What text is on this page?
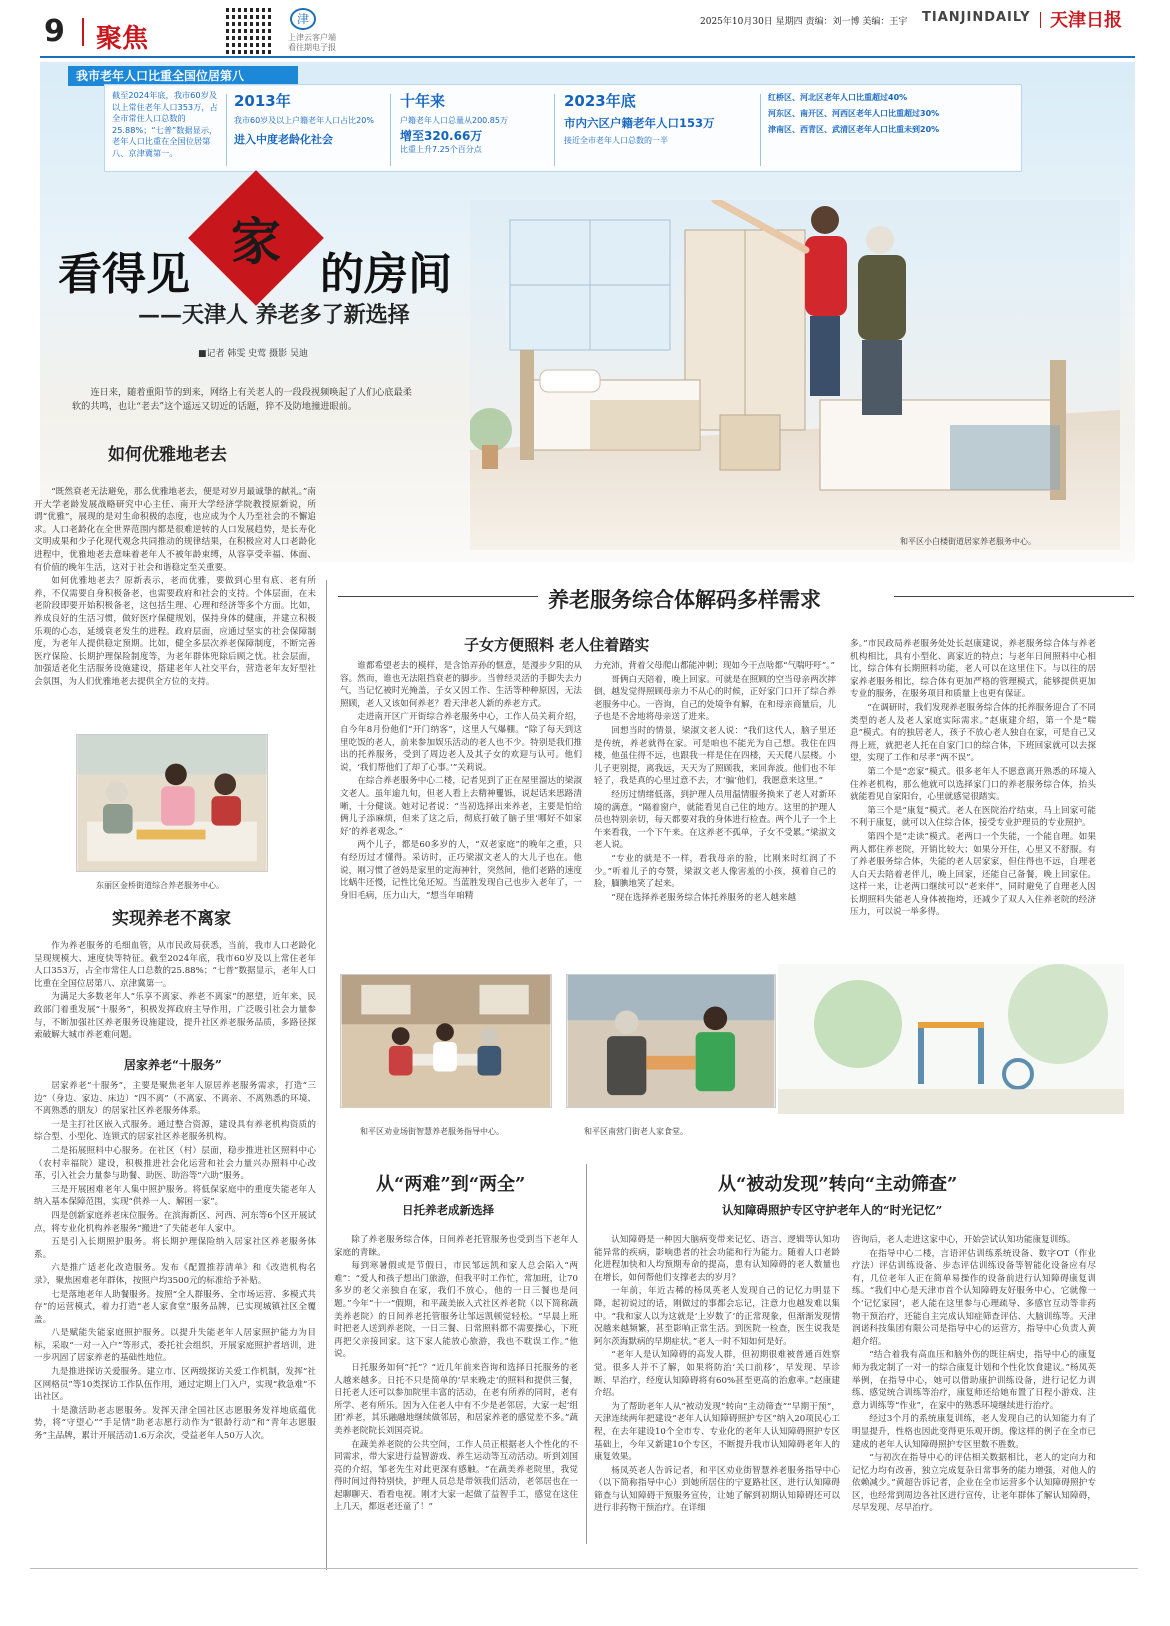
9 聚焦
津
上津云客户端
看往期电子报
2025年10月30日 星期四 责编：刘一博 美编：王宇 TIANJINDAILY 天津日报
我市老年人口比重全国位居第八
截至2024年底，我市60岁及以上常住老年人口353万，占全市常住人口总数的25.88%；“七普”数据显示，老年人口比重在全国位居第八、京津冀第一。
2013年
我市60岁及以上户籍老年人口占比20%
进入中度老龄化社会
十年来
户籍老年人口总量从200.85万
增至320.66万
比重上升7.25个百分点
2023年底
市内六区户籍老年人口153万
接近全市老年人口总数的一半
红桥区、河北区老年人口比重超过40%
河东区、南开区、河西区老年人口比重超过30%
津南区、西青区、武清区老年人口比重未到20%
看得见
家
的房间
——天津人 养老多了新选择
■记者 韩雯 史莺 摄影 吴迪
连日来，随着重阳节的到来，网络上有关老人的一段段视频唤起了人们心底最柔软的共鸣，也让“老去”这个遥远又切近的话题，猝不及防地撞进眼前。
和平区小白楼街道居家养老服务中心。
如何优雅地老去

“既然衰老无法避免，那么优雅地老去，便是对岁月最诚挚的献礼。”南开大学老龄发展战略研究中心主任、南开大学经济学院教授原新说，所谓“优雅”，展现的是对生命积极的态度，也应成为个人乃至社会的不懈追求。人口老龄化在全世界范围内都是很难逆转的人口发展趋势，是长寿化文明成果和少子化现代观念共同推动的规律结果，在积极应对人口老龄化进程中，优雅地老去意味着老年人不被年龄束缚，从容享受幸福、体面、有价值的晚年生活，这对于社会和谐稳定至关重要。

如何优雅地老去？原新表示，老而优雅，要做到心里有底、老有所养，不仅需要自身积极备老，也需要政府和社会的支持。个体层面，在未老阶段即要开始积极备老，这包括生理、心理和经济等多个方面。比如，养成良好的生活习惯，做好医疗保健规划，保持身体的健康，并建立积极乐观的心态，延缓衰老发生的进程。政府层面，应通过坚实的社会保障制度，为老年人提供稳定预期。比如，健全多层次养老保障制度，不断完善医疗保险、长期护理保险制度等，为老年群体兜除后顾之忧。社会层面，加强适老化生活服务设施建设，搭建老年人社交平台，营造老年友好型社会氛围，为人们优雅地老去提供全方位的支持。

东丽区金桥街道综合养老服务中心。
实现养老不离家

作为养老服务的毛细血管，从市民政局获悉，当前，我市人口老龄化呈现规模大、速度快等特征。截至2024年底，我市60岁及以上常住老年人口353万，占全市常住人口总数的25.88%；“七普”数据显示，老年人口比重在全国位居第八、京津冀第一。

为满足大多数老年人“乐享不离家、养老不离家”的愿望，近年来，民政部门着重发展“十服务”，积极发挥政府主导作用，广泛吸引社会力量参与，不断加强社区养老服务设施建设，提升社区养老服务品质，多路径探索破解大城市养老难问题。

居家养老“十服务”

居家养老“十服务”，主要是聚焦老年人原居养老服务需求，打造“三边”（身边、家边、床边）“四不离”（不离家、不离亲、不离熟悉的环境、不离熟悉的朋友）的居家社区养老服务体系。

一是主打社区嵌入式服务。通过整合资源，建设具有养老机构资质的综合型、小型化、连锁式的居家社区养老服务机构。

二是拓展照料中心服务。在社区（村）层面，稳步推进社区照料中心（农村幸福院）建设，积极推进社会化运营和社会力量兴办照料中心改革，引入社会力量参与助餐、助医、助浴等“六助”服务。

三是开展困难老年人集中照护服务。将低保家庭中的重度失能老年人纳入基本保障范围，实现“供养一人、解困一家”。

四是创新家庭养老床位服务。在滨海新区、河西、河东等6个区开展试点，将专业化机构养老服务“搬进”了失能老年人家中。

五是引入长期照护服务。将长期护理保险纳入居家社区养老服务体系。

六是推广适老化改造服务。发布《配置推荐清单》和《改造机构名录》，聚焦困难老年群体，按照户均3500元的标准给予补贴。

七是落地老年人助餐服务。按照“全人群服务、全市场运营、多模式共存”的运营模式，着力打造“老人家食堂”服务品牌，已实现城镇社区全覆盖。

八是赋能失能家庭照护服务。以提升失能老年人居家照护能力为目标，采取“一对一入户”等形式，委托社会组织，开展家庭照护者培训，进一步巩固了居家养老的基础性地位。

九是推进探访关爱服务。建立市、区两级探访关爱工作机制，发挥“社区网格员”等10类探访工作队伍作用，通过定期上门入户，实现“救急难”不出社区。

十是激活助老志愿服务。发挥天津全国社区志愿服务发祥地底蕴优势，将“守望心”“手足情”助老志愿行动作为“银龄行动”和“青年志愿服务”主品牌，累计开展活动1.6万余次，受益老年人50万人次。

养老服务综合体解码多样需求
子女方便照料 老人住着踏实

谁都希望老去的模样，是含饴弄孙的惬意，是漫步夕阳的从容。然而，谁也无法阻挡衰老的脚步。当曾经灵活的手脚失去力气，当记忆被时光掩盖，子女又因工作、生活等种种原因，无法照顾，老人又该如何养老？看天津老人新的养老方式。

走进南开区广开街综合养老服务中心，工作人员关莉介绍，自今年8月份他们“开门纳客”，这里人气爆棚。“除了每天到这里吃饭的老人，前来参加娱乐活动的老人也不少。特别是我们推出的托养服务，受到了周边老人及其子女的欢迎与认可。他们说，‘我们帮他们了却了心事。’”关莉说。

在综合养老服务中心二楼，记者见到了正在屋里溜达的梁淑文老人。虽年逾九旬，但老人看上去精神矍铄，说起话来思路清晰，十分健谈。她对记者说：“当初选择出来养老，主要是怕给俩儿子添麻烦，但来了这之后，彻底打破了脑子里‘哪好不如家好’的养老观念。”

两个儿子，都是60多岁的人，“双老家庭”的晚年之重，只有经历过才懂得。采访时，正巧梁淑文老人的大儿子也在。他说，刚习惯了爸妈是家里的定海神针，突然间，他们老路的速度比蜗牛还慢，记性比兔还短。当蓝胜发现自己也步入老年了，一身旧毛病，压力山大，“想当年咱精

力充沛，背着父母爬山都能冲刺；现如今干点啥都“气喘吁吁”。”

哥俩白天陪着，晚上回家。可就是在照顾的空当母亲两次摔倒，越发觉得照顾母亲力不从心的时候，正好家门口开了综合养老服务中心。一咨询，自己的处境争有解，在和母亲商量后，儿子也是不舍地将母亲送了进来。

回想当时的情景，梁淑文老人说：“我们这代人，脑子里还是传统，养老就得在家。可是咱也不能光为自己想。我住在四楼，他虽住得不远，也跟我一样是住在四楼，天天爬八层楼。小儿子更别提，离我远，天天为了照顾我，来回奔波。他们也不年轻了，我是真的心里过意不去，才‘骗’他们，我愿意来这里。”

经历过情绪低落，到护理人员用温情服务换来了老人对新环境的满意。“隔着窗户，就能看见自己住的地方。这里的护理人员也特别亲切，每天都要对我的身体进行检查。两个儿子一个上午来看我，一个下午来。在这养老不孤单，子女不受累。”梁淑文老人说。

“专业的就是不一样，看我母亲的脸，比刚来时红润了不少。”听着儿子的夸赞，梁淑文老人像害羞的小孩，摸着自己的脸，腼腆地笑了起来。

“现在选择养老服务综合体托养服务的老人越来越

多。”市民政局养老服务处处长赵康建说，养老服务综合体与养老机构相比，具有小型化、离家近的特点；与老年日间照料中心相比，综合体有长期照料功能，老人可以在这里住下。与以往的居家养老服务相比，综合体有更加严格的管理模式，能够提供更加专业的服务，在服务项目和质量上也更有保证。

“在调研时，我们发现养老服务综合体的托养服务迎合了不同类型的老人及老人家庭实际需求。”赵康建介绍，第一个是“喘息”模式。有的独居老人，孩子不放心老人独自在家，可是自己又得上班，就把老人托在自家门口的综合体，下班回家就可以去探望，实现了工作和尽孝“两不误”。

第二个是“恋家”模式。很多老年人不愿意离开熟悉的环境入住养老机构，那么他就可以选择家门口的养老服务综合体，抬头就能看见自家阳台，心里就感觉很踏实。

第三个是“康复”模式。老人在医院治疗结束，马上回家可能不利于康复，就可以入住综合体，接受专业护理员的专业照护。

第四个是“走读”模式。老两口一个失能，一个能自理。如果两人都住养老院，开销比较大；如果分开住，心里又不舒服。有了养老服务综合体，失能的老人居家家，但住得也不远，自理老人白天去陪着老伴儿，晚上回家，还能自己备餐，晚上回家住。这样一来，让老两口继续可以“老来伴”，同时避免了自理老人因长期照料失能老人身体被拖垮，还减少了双人入住养老院的经济压力，可以说一举多得。

和平区劝业场街智慧养老服务指导中心。	和平区南营门街老人家食堂。
从“两难”到“两全”
日托养老成新选择

除了养老服务综合体，日间养老托管服务也受到当下老年人家庭的青睐。

每到寒暑假或是节假日，市民邹远凯和家人总会陷入“两难”：“爱人和孩子想出门旅游，但我平时工作忙，常加班，让70多岁的老父亲独自在家，我们不放心，他的一日三餐也是问题。”今年“十一”假期，和平蔬美嵌入式社区养老院（以下简称蔬美养老院）的日间养老托管服务让邹远凯顿觉轻松。“早晨上班时把老人送到养老院，一日三餐、日常照料都不需要操心，下班再把父亲接回家。这下家人能放心旅游，我也不耽误工作。”他说。

日托服务如何“托”？“近几年前来咨询和选择日托服务的老人越来越多。日托不只是简单的‘早来晚走’的照料和提供三餐，日托老人还可以参加院里丰富的活动，在老有所养的同时，老有所学、老有所乐。因为入住老人中有不少是老邻居，大家一起‘组团’养老，其乐融融地继续做邻居，和居家养老的感觉差不多。”蔬美养老院院长刘国亮说。

在蔬美养老院的公共空间，工作人员正根据老人个性化的不同需求，带大家进行益智游戏、养生运动等互动活动。听到刘国亮的介绍，邹老先生对此更深有感触。“在蔬美养老院里，我觉得时间过得特别快，护理人员总是带领我们活动，老邻居也在一起聊聊天、看看电视。刚才大家一起做了益智手工，感觉在这住上几天，都返老还童了！”

从“被动发现”转向“主动筛查”
认知障碍照护专区守护老年人的“时光记忆”

认知障碍是一种因大脑病变带来记忆、语言、逻辑等认知功能异常的疾病，影响患者的社会功能和行为能力。随着人口老龄化进程加快和人均预期寿命的提高，患有认知障碍的老人数量也在增长，如何帮他们支撑老去的岁月？

一年前，年近古稀的杨凤英老人发现自己的记忆力明显下降，起初说过的话，刚做过的事都会忘记，注意力也越发难以集中。“我和家人以为这就是‘上岁数了’的正常现象，但渐渐发现情况越来越频繁，甚至影响正常生活。到医院一检查，医生说我是阿尔茨海默病的早期症状。”老人一时不知如何是好。

“老年人是认知障碍的高发人群，但初期很难被普通百姓察觉。很多人并不了解，如果将防治‘关口前移’，早发现、早诊断、早治疗，经度认知障碍将有60%甚至更高的治愈率。”赵康建介绍。

为了帮助老年人从“被动发现”转向“主动筛查”“早期干预”，天津连续两年把建设“老年人认知障碍照护专区”纳入20项民心工程，在去年建设10个全市专、专业化的老年人认知障碍照护专区基础上，今年又新建10个专区，不断提升我市认知障碍老年人的康复效果。

杨凤英老人告诉记者，和平区劝业街智慧养老服务指导中心（以下简称指导中心）到她所居住的宁夏路社区，进行认知障碍筛查与认知障碍干预服务宣传，让她了解到初期认知障碍还可以进行非药物干预治疗。在详细

咨询后，老人走进这家中心，开始尝试认知功能康复训练。

在指导中心二楼，言语评估训练系统设备、数字OT（作业疗法）评估训练设备、步态评估训练设备等智能化设备应有尽有，几位老年人正在简单易操作的设备前进行认知障碍康复训练。“我们中心是天津市首个认知障碍友好服务中心，它就像一个‘记忆家园’，老人能在这里参与心理疏导、多感官互动等非药物干预治疗，还能自主完成认知症筛查评估、大脑训练等。天津润诺科技集团有限公司是指导中心的运营方，指导中心负责人黄超介绍。

“结合着我有高血压和脑外伤的既往病史，指导中心的康复师为我定制了一对一的综合康复计划和个性化饮食建议。”杨凤英举例，在指导中心，她可以借助康护训练设备，进行记忆力训练、感觉统合训练等治疗，康复师还给她布置了日程小游戏、注意力训练等“作业”，在家中的熟悉环境继续进行治疗。

经过3个月的系统康复训练，老人发现自己的认知能力有了明显提升，性格也因此变得更乐观开朗。像这样的例子在全市已建成的老年人认知障碍照护专区里数不胜数。

“与初次在指导中心的评估相关数据相比，老人的定向力和记忆力均有改善，独立完成复杂日常事务的能力增强，对他人的依赖减少。”黄超告诉记者，企业在全市运营多个认知障碍照护专区，也经常到周边各社区进行宣传，让老年群体了解认知障碍，尽早发现、尽早治疗。
